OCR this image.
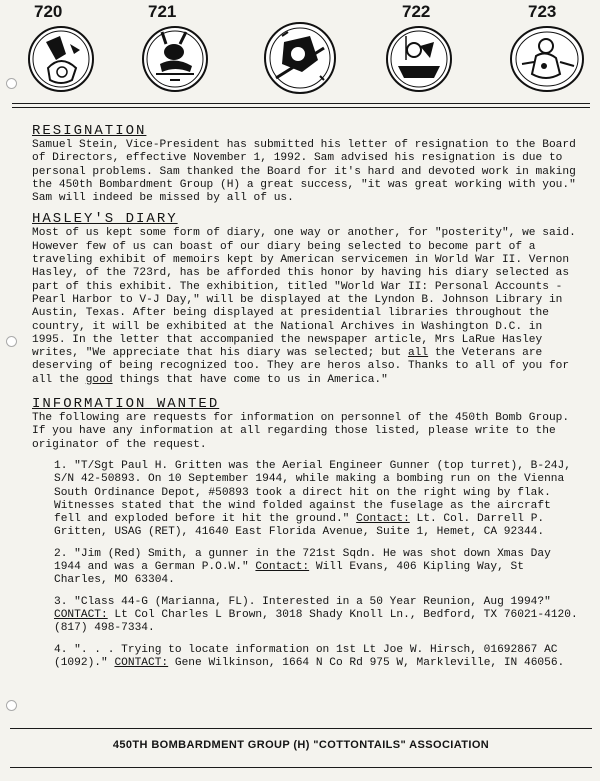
720	721	722	723
RESIGNATION

Samuel Stein, Vice-President has submitted his letter of resignation to the Board of Directors, effective November 1, 1992. Sam advised his resignation is due to personal problems. Sam thanked the Board for it's hard and devoted work in making the 450th Bombardment Group (H) a great success, "it was great working with you." Sam will indeed be missed by all of us.

HASLEY'S DIARY

Most of us kept some form of diary, one way or another, for "posterity", we said. However few of us can boast of our diary being selected to become part of a traveling exhibit of memoirs kept by American servicemen in World War II. Vernon Hasley, of the 723rd, has be afforded this honor by having his diary selected as part of this exhibit. The exhibition, titled "World War II: Personal Accounts - Pearl Harbor to V-J Day," will be displayed at the Lyndon B. Johnson Library in Austin, Texas. After being displayed at presidential libraries throughout the country, it will be exhibited at the National Archives in Washington D.C. in 1995. In the letter that accompanied the newspaper article, Mrs LaRue Hasley writes, "We appreciate that his diary was selected; but all the Veterans are deserving of being recognized too. They are heros also. Thanks to all of you for all the good things that have come to us in America."

INFORMATION WANTED

The following are requests for information on personnel of the 450th Bomb Group. If you have any information at all regarding those listed, please write to the originator of the request.

1. "T/Sgt Paul H. Gritten was the Aerial Engineer Gunner (top turret), B-24J, S/N 42-50893. On 10 September 1944, while making a bombing run on the Vienna South Ordinance Depot, #50893 took a direct hit on the right wing by flak. Witnesses stated that the wind folded against the fuselage as the aircraft fell and exploded before it hit the ground." Contact: Lt. Col. Darrell P. Gritten, USAG (RET), 41640 East Florida Avenue, Suite 1, Hemet, CA 92344.
2. "Jim (Red) Smith, a gunner in the 721st Sqdn. He was shot down Xmas Day 1944 and was a German P.O.W." Contact: Will Evans, 406 Kipling Way, St Charles, MO 63304.
3. "Class 44-G (Marianna, FL). Interested in a 50 Year Reunion, Aug 1994?" CONTACT: Lt Col Charles L Brown, 3018 Shady Knoll Ln., Bedford, TX 76021-4120. (817) 498-7334.
4. ". . . Trying to locate information on 1st Lt Joe W. Hirsch, 01692867 AC (1092)." CONTACT: Gene Wilkinson, 1664 N Co Rd 975 W, Markleville, IN 46056.
450TH BOMBARDMENT GROUP (H) "COTTONTAILS" ASSOCIATION
